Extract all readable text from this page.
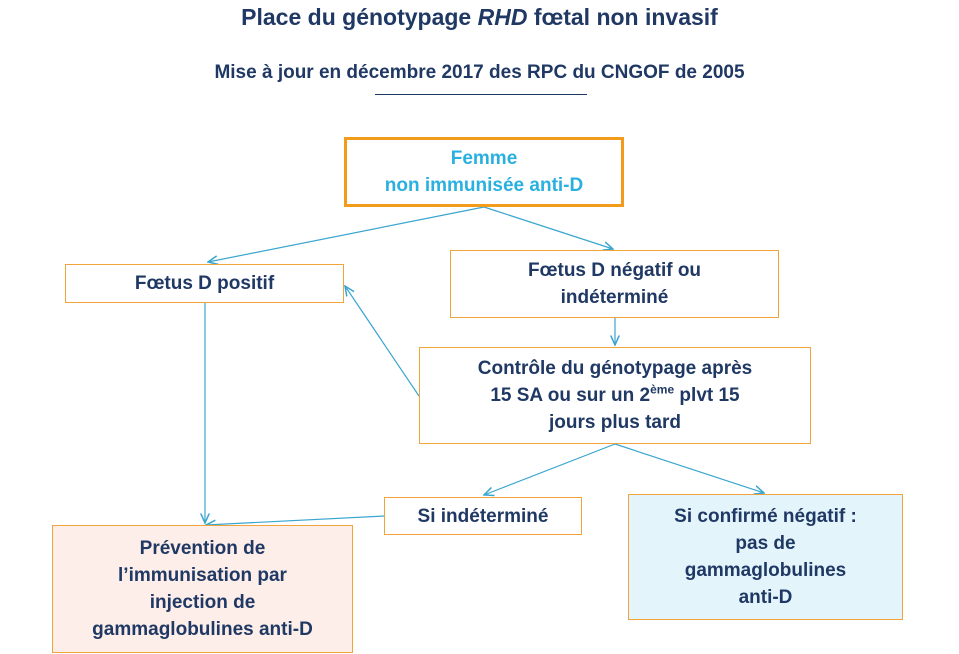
Place du génotypage RHD fœtal non invasif
Mise à jour en décembre 2017 des RPC du CNGOF de 2005
Femme
non immunisée anti-D
Fœtus D positif
Fœtus D négatif ou
indéterminé
Contrôle du génotypage après
15 SA ou sur un 2ème plvt 15
jours plus tard
Si indéterminé
Prévention de
l’immunisation par
injection de
gammaglobulines anti-D
Si confirmé négatif :
pas de
gammaglobulines
anti-D
